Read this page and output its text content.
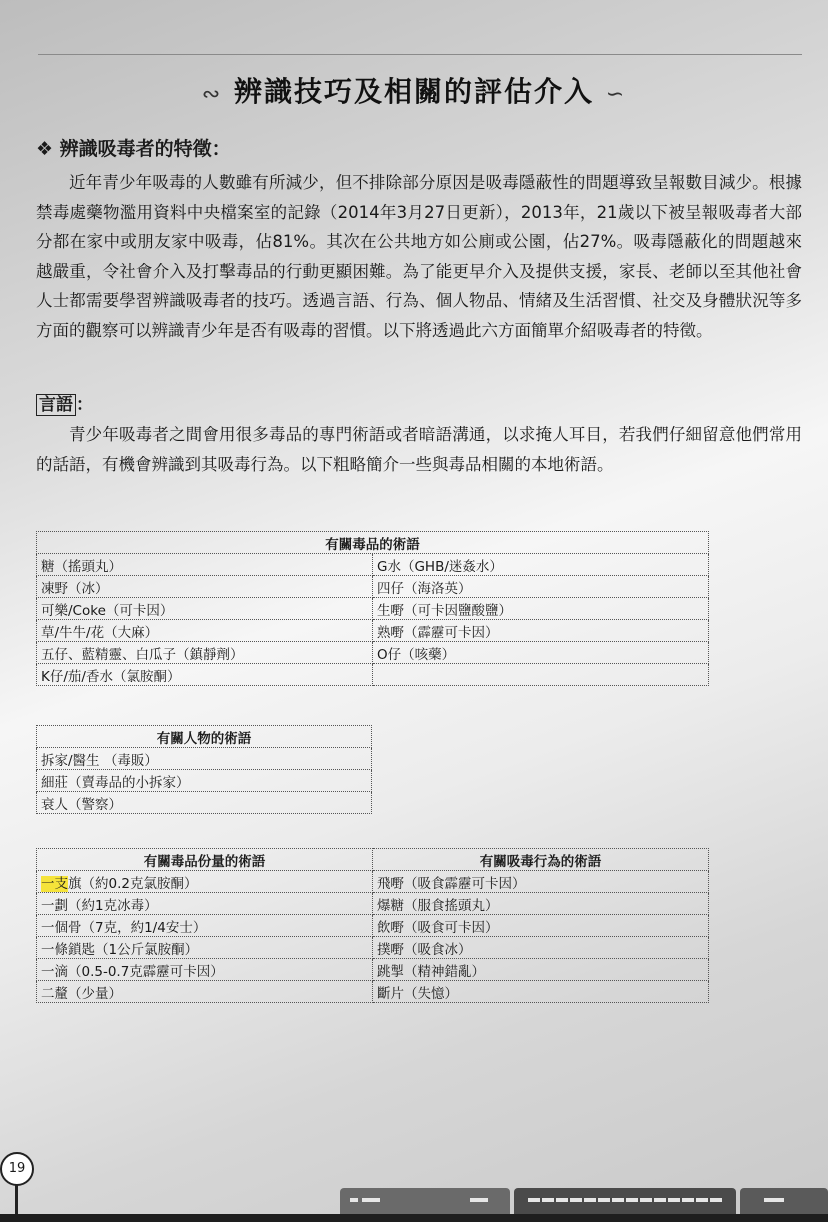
∾ 辨識技巧及相關的評估介入 ∽
❖ 辨識吸毒者的特徵：

近年青少年吸毒的人數雖有所減少，但不排除部分原因是吸毒隱蔽性的問題導致呈報數目減少。根據禁毒處藥物濫用資料中央檔案室的記錄（2014年3月27日更新），2013年，21歲以下被呈報吸毒者大部分都在家中或朋友家中吸毒，佔81%。其次在公共地方如公廁或公園，佔27%。吸毒隱蔽化的問題越來越嚴重，令社會介入及打擊毒品的行動更顯困難。為了能更早介入及提供支援，家長、老師以至其他社會人士都需要學習辨識吸毒者的技巧。透過言語、行為、個人物品、情緒及生活習慣、社交及身體狀況等多方面的觀察可以辨識青少年是否有吸毒的習慣。以下將透過此六方面簡單介紹吸毒者的特徵。

言語 ：

青少年吸毒者之間會用很多毒品的專門術語或者暗語溝通，以求掩人耳目，若我們仔細留意他們常用的話語，有機會辨識到其吸毒行為。以下粗略簡介一些與毒品相關的本地術語。

有關毒品的術語	
糖（搖頭丸）	G水（GHB/迷姦水）
凍野（冰）	四仔（海洛英）
可樂/Coke（可卡因）	生嘢（可卡因鹽酸鹽）
草/牛牛/花（大麻）	熟嘢（霹靂可卡因）
五仔、藍精靈、白瓜子（鎮靜劑）	O仔（咳藥）
K仔/茄/香水（氯胺酮）	
有關人物的術語
拆家/醫生 （毒販）
細莊（賣毒品的小拆家）
衰人（警察）
有關毒品份量的術語	有關吸毒行為的術語
一支旗（約0.2克氯胺酮）	飛嘢（吸食霹靂可卡因）
一劃（約1克冰毒）	爆糖（服食搖頭丸）
一個骨（7克，約1/4安士）	飲嘢（吸食可卡因）
一條鎖匙（1公斤氯胺酮）	撲嘢（吸食冰）
一滴（0.5-0.7克霹靂可卡因）	跳掣（精神錯亂）
二釐（少量）	斷片（失憶）
19
